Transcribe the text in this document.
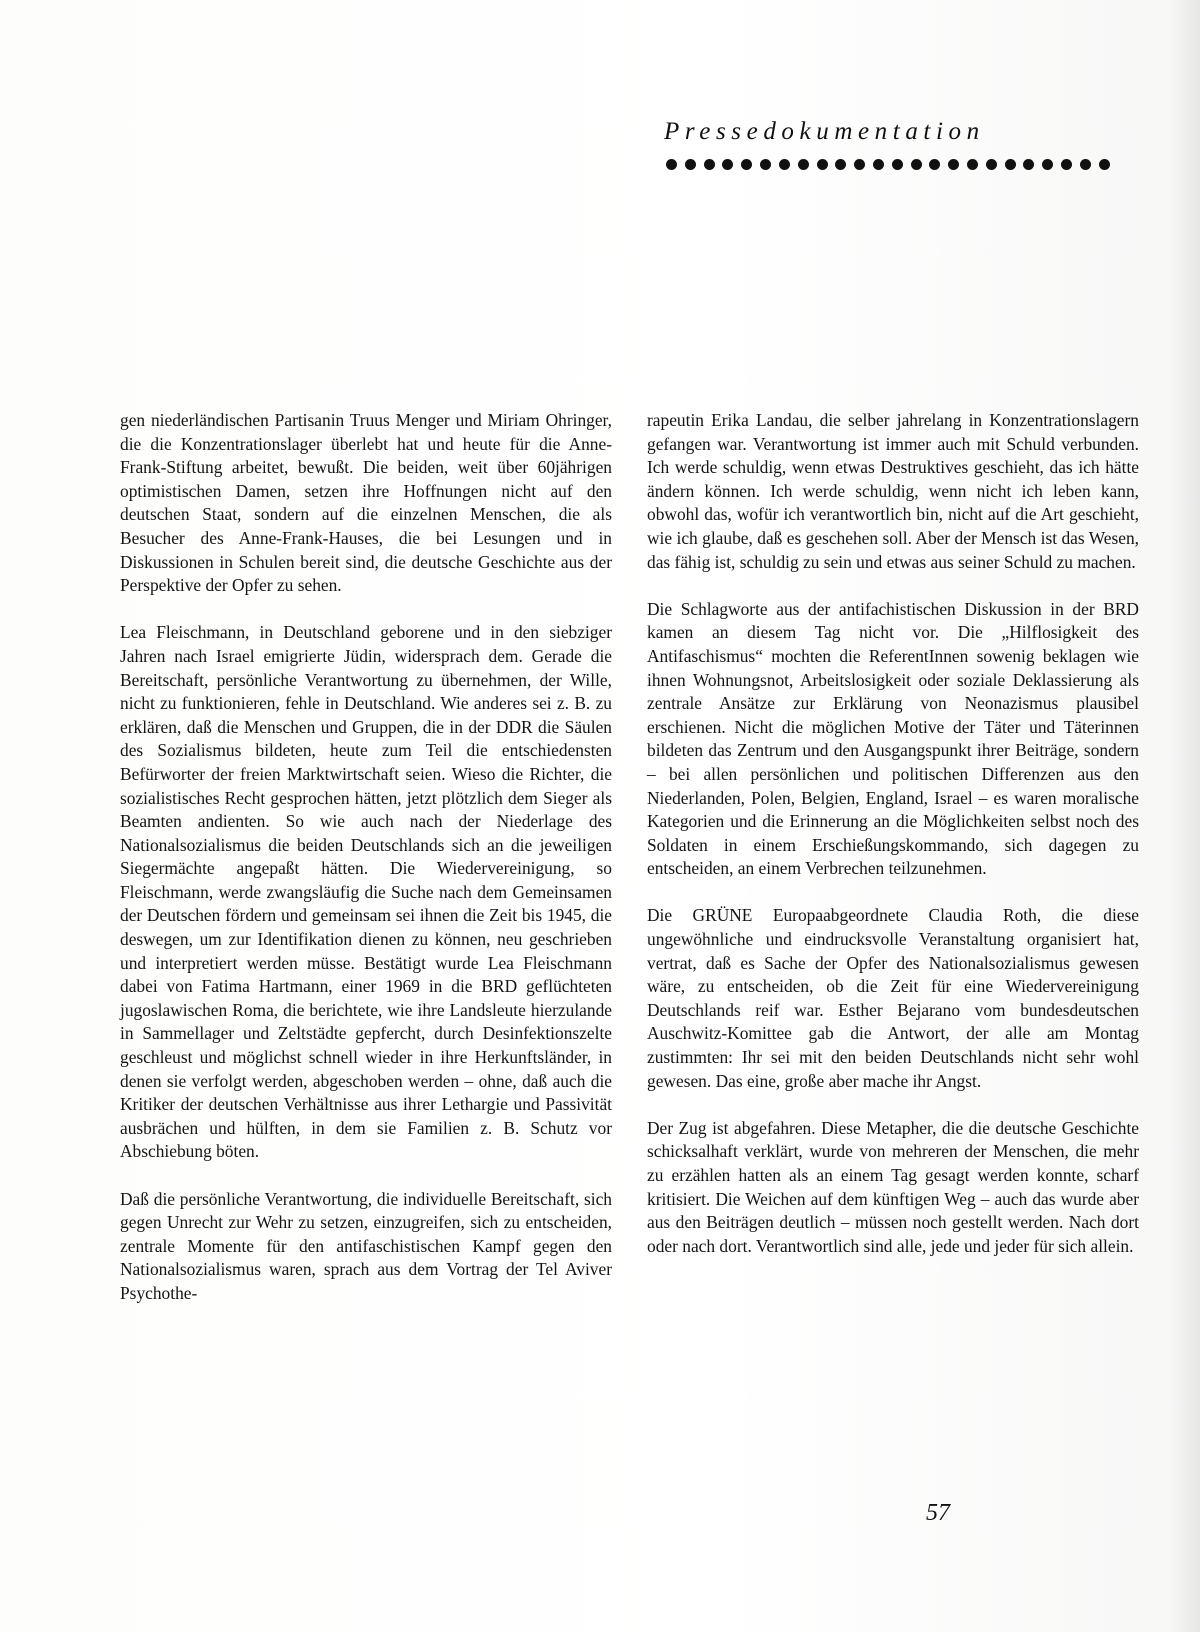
Pressedokumentation

gen niederländischen Partisanin Truus Menger und Miriam Ohringer, die die Konzentrationslager überlebt hat und heute für die Anne-Frank-Stiftung arbeitet, bewußt. Die beiden, weit über 60jährigen optimistischen Damen, setzen ihre Hoffnungen nicht auf den deutschen Staat, sondern auf die einzelnen Menschen, die als Besucher des Anne-Frank-Hauses, die bei Lesungen und in Diskussionen in Schulen bereit sind, die deutsche Geschichte aus der Perspektive der Opfer zu sehen.

Lea Fleischmann, in Deutschland geborene und in den siebziger Jahren nach Israel emigrierte Jüdin, widersprach dem. Gerade die Bereitschaft, persönliche Verantwortung zu übernehmen, der Wille, nicht zu funktionieren, fehle in Deutschland. Wie anderes sei z. B. zu erklären, daß die Menschen und Gruppen, die in der DDR die Säulen des Sozialismus bildeten, heute zum Teil die entschiedensten Befürworter der freien Marktwirtschaft seien. Wieso die Richter, die sozialistisches Recht gesprochen hätten, jetzt plötzlich dem Sieger als Beamten andienten. So wie auch nach der Niederlage des Nationalsozialismus die beiden Deutschlands sich an die jeweiligen Siegermächte angepaßt hätten. Die Wiedervereinigung, so Fleischmann, werde zwangsläufig die Suche nach dem Gemeinsamen der Deutschen fördern und gemeinsam sei ihnen die Zeit bis 1945, die deswegen, um zur Identifikation dienen zu können, neu geschrieben und interpretiert werden müsse. Bestätigt wurde Lea Fleischmann dabei von Fatima Hartmann, einer 1969 in die BRD geflüchteten jugoslawischen Roma, die berichtete, wie ihre Landsleute hierzulande in Sammellager und Zeltstädte gepfercht, durch Desinfektionszelte geschleust und möglichst schnell wieder in ihre Herkunftsländer, in denen sie verfolgt werden, abgeschoben werden – ohne, daß auch die Kritiker der deutschen Verhältnisse aus ihrer Lethargie und Passivität ausbrächen und hülften, in dem sie Familien z. B. Schutz vor Abschiebung böten.

Daß die persönliche Verantwortung, die individuelle Bereitschaft, sich gegen Unrecht zur Wehr zu setzen, einzugreifen, sich zu entscheiden, zentrale Momente für den antifaschistischen Kampf gegen den Nationalsozialismus waren, sprach aus dem Vortrag der Tel Aviver Psychothe-

rapeutin Erika Landau, die selber jahrelang in Konzentrationslagern gefangen war. Verantwortung ist immer auch mit Schuld verbunden. Ich werde schuldig, wenn etwas Destruktives geschieht, das ich hätte ändern können. Ich werde schuldig, wenn nicht ich leben kann, obwohl das, wofür ich verantwortlich bin, nicht auf die Art geschieht, wie ich glaube, daß es geschehen soll. Aber der Mensch ist das Wesen, das fähig ist, schuldig zu sein und etwas aus seiner Schuld zu machen.

Die Schlagworte aus der antifachistischen Diskussion in der BRD kamen an diesem Tag nicht vor. Die „Hilflosigkeit des Antifaschismus“ mochten die ReferentInnen sowenig beklagen wie ihnen Wohnungsnot, Arbeitslosigkeit oder soziale Deklassierung als zentrale Ansätze zur Erklärung von Neonazismus plausibel erschienen. Nicht die möglichen Motive der Täter und Täterinnen bildeten das Zentrum und den Ausgangspunkt ihrer Beiträge, sondern – bei allen persönlichen und politischen Differenzen aus den Niederlanden, Polen, Belgien, England, Israel – es waren moralische Kategorien und die Erinnerung an die Möglichkeiten selbst noch des Soldaten in einem Erschießungskommando, sich dagegen zu entscheiden, an einem Verbrechen teilzunehmen.

Die GRÜNE Europaabgeordnete Claudia Roth, die diese ungewöhnliche und eindrucksvolle Veranstaltung organisiert hat, vertrat, daß es Sache der Opfer des Nationalsozialismus gewesen wäre, zu entscheiden, ob die Zeit für eine Wiedervereinigung Deutschlands reif war. Esther Bejarano vom bundesdeutschen Auschwitz-Komittee gab die Antwort, der alle am Montag zustimmten: Ihr sei mit den beiden Deutschlands nicht sehr wohl gewesen. Das eine, große aber mache ihr Angst.

Der Zug ist abgefahren. Diese Metapher, die die deutsche Geschichte schicksalhaft verklärt, wurde von mehreren der Menschen, die mehr zu erzählen hatten als an einem Tag gesagt werden konnte, scharf kritisiert. Die Weichen auf dem künftigen Weg – auch das wurde aber aus den Beiträgen deutlich – müssen noch gestellt werden. Nach dort oder nach dort. Verantwortlich sind alle, jede und jeder für sich allein.

57
